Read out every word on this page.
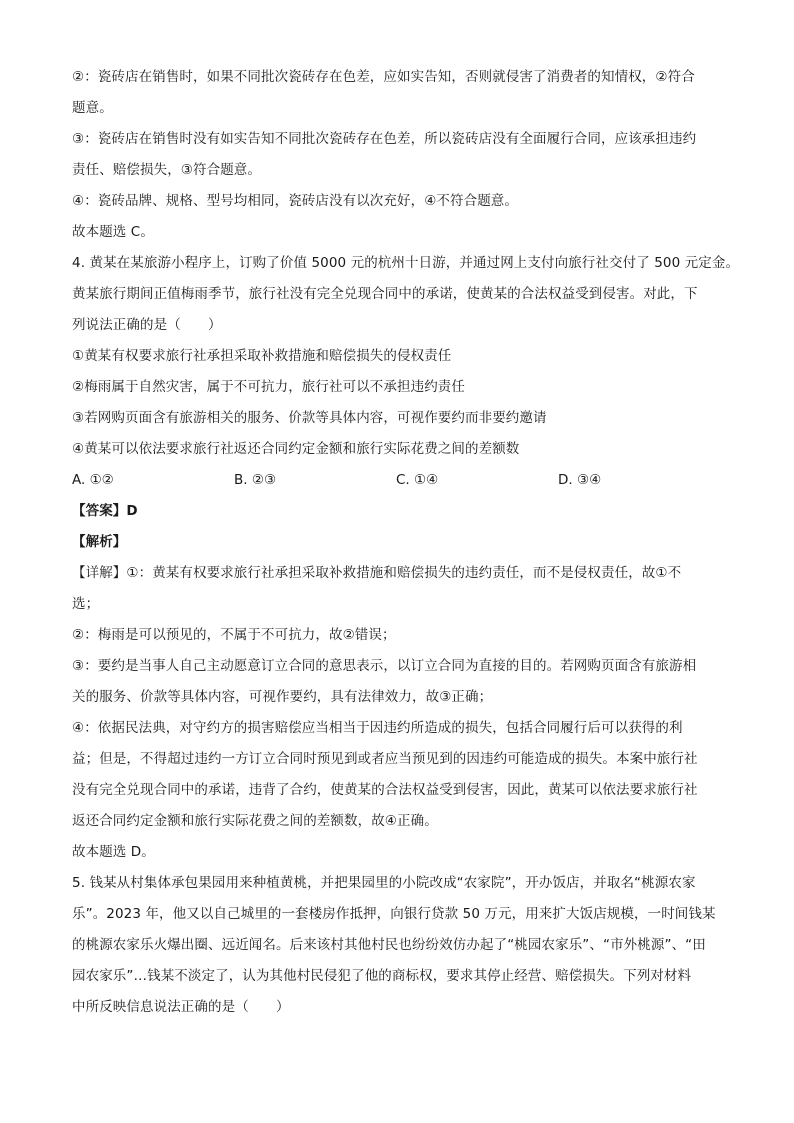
②：瓷砖店在销售时，如果不同批次瓷砖存在色差，应如实告知，否则就侵害了消费者的知情权，②符合
题意。
③：瓷砖店在销售时没有如实告知不同批次瓷砖存在色差，所以瓷砖店没有全面履行合同，应该承担违约
责任、赔偿损失，③符合题意。
④：瓷砖品牌、规格、型号均相同，瓷砖店没有以次充好，④不符合题意。
故本题选 C。
4. 黄某在某旅游小程序上，订购了价值 5000 元的杭州十日游，并通过网上支付向旅行社交付了 500 元定金。
黄某旅行期间正值梅雨季节，旅行社没有完全兑现合同中的承诺，使黄某的合法权益受到侵害。对此，下
列说法正确的是（　　）
①黄某有权要求旅行社承担采取补救措施和赔偿损失的侵权责任
②梅雨属于自然灾害，属于不可抗力，旅行社可以不承担违约责任
③若网购页面含有旅游相关的服务、价款等具体内容，可视作要约而非要约邀请
④黄某可以依法要求旅行社返还合同约定金额和旅行实际花费之间的差额数
A. ①②	B. ②③	C. ①④	D. ③④
【答案】D
【解析】
【详解】①：黄某有权要求旅行社承担采取补救措施和赔偿损失的违约责任，而不是侵权责任，故①不
选；
②：梅雨是可以预见的，不属于不可抗力，故②错误；
③：要约是当事人自己主动愿意订立合同的意思表示，以订立合同为直接的目的。若网购页面含有旅游相
关的服务、价款等具体内容，可视作要约，具有法律效力，故③正确；
④：依据民法典，对守约方的损害赔偿应当相当于因违约所造成的损失，包括合同履行后可以获得的利
益；但是，不得超过违约一方订立合同时预见到或者应当预见到的因违约可能造成的损失。本案中旅行社
没有完全兑现合同中的承诺，违背了合约，使黄某的合法权益受到侵害，因此，黄某可以依法要求旅行社
返还合同约定金额和旅行实际花费之间的差额数，故④正确。
故本题选 D。
5. 钱某从村集体承包果园用来种植黄桃，并把果园里的小院改成“农家院”，开办饭店，并取名“桃源农家
乐”。2023 年，他又以自己城里的一套楼房作抵押，向银行贷款 50 万元，用来扩大饭店规模，一时间钱某
的桃源农家乐火爆出圈、远近闻名。后来该村其他村民也纷纷效仿办起了“桃园农家乐”、“市外桃源”、“田
园农家乐”…钱某不淡定了，认为其他村民侵犯了他的商标权，要求其停止经营、赔偿损失。下列对材料
中所反映信息说法正确的是（　　）
